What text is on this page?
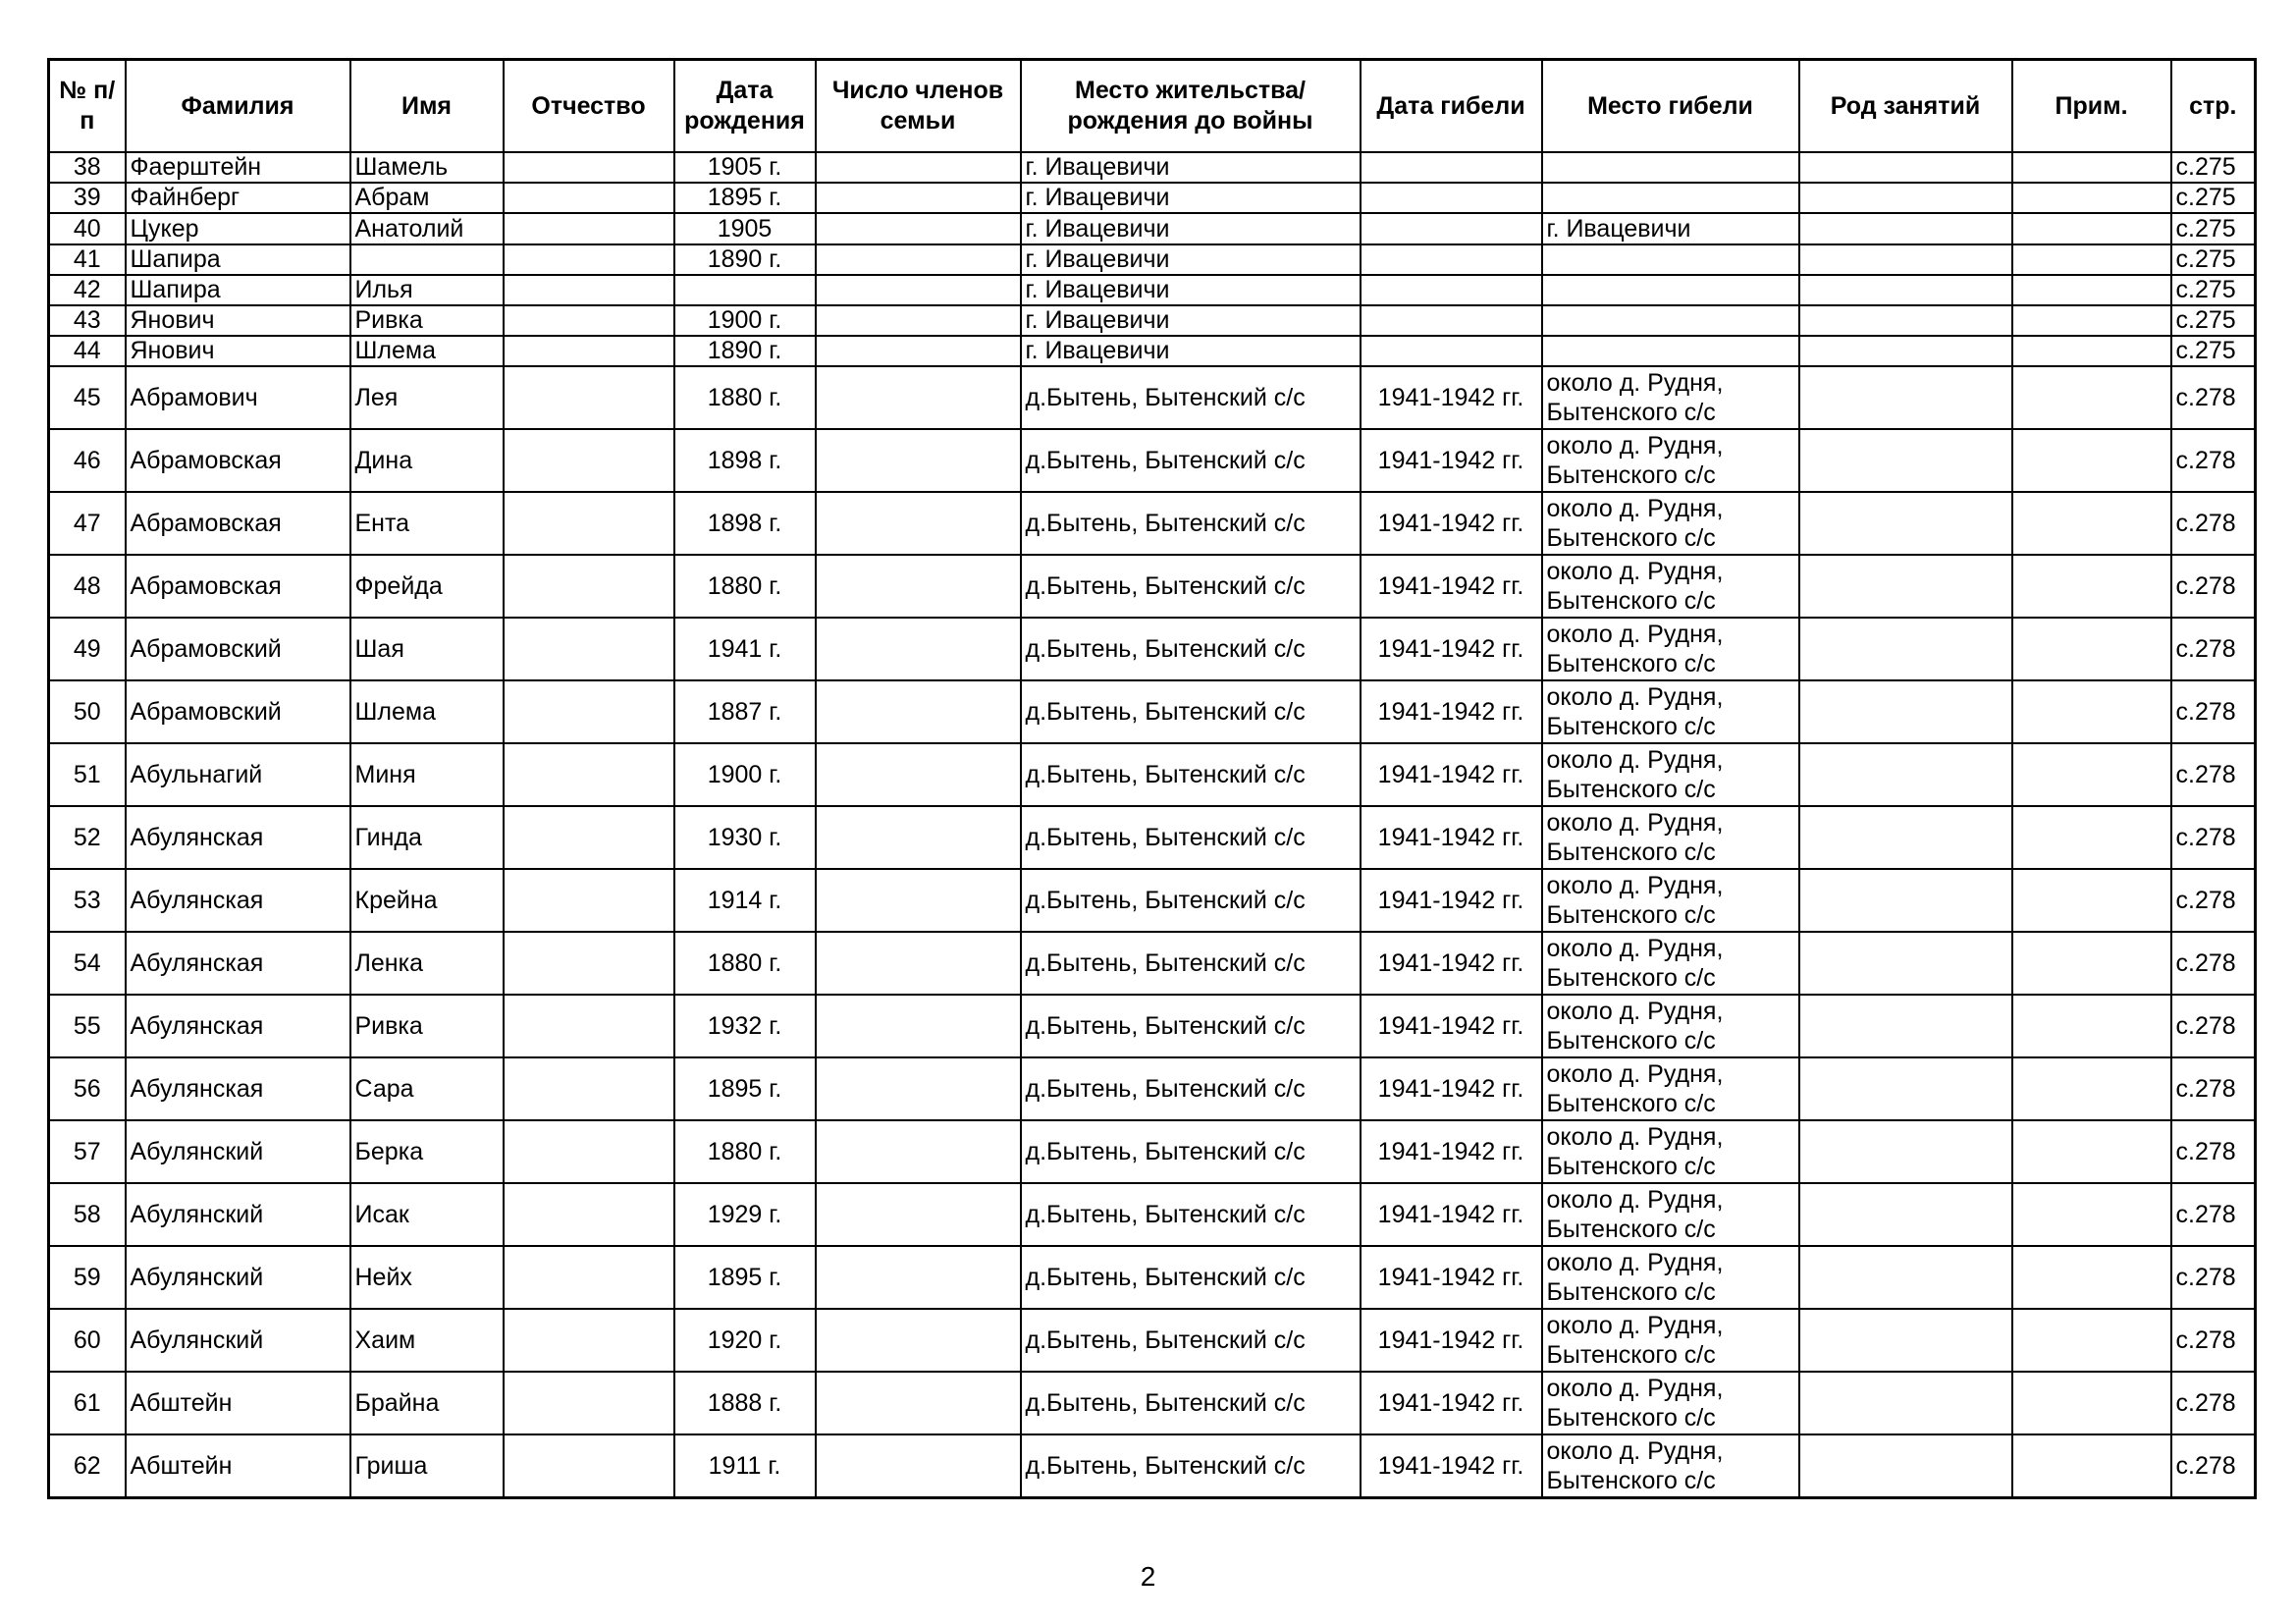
№ п/п	Фамилия	Имя	Отчество	Дата рождения	Число членов семьи	Место жительства/рождения до войны	Дата гибели	Место гибели	Род занятий	Прим.	стр.
38	Фаерштейн	Шамель		1905 г.		г. Ивацевичи					с.275
39	Файнберг	Абрам		1895 г.		г. Ивацевичи					с.275
40	Цукер	Анатолий		1905		г. Ивацевичи		г. Ивацевичи			с.275
41	Шапира			1890 г.		г. Ивацевичи					с.275
42	Шапира	Илья				г. Ивацевичи					с.275
43	Янович	Ривка		1900 г.		г. Ивацевичи					с.275
44	Янович	Шлема		1890 г.		г. Ивацевичи					с.275
45	Абрамович	Лея		1880 г.		д.Бытень, Бытенский с/с	1941-1942 гг.	около д. Рудня, Бытенского с/с			с.278
46	Абрамовская	Дина		1898 г.		д.Бытень, Бытенский с/с	1941-1942 гг.	около д. Рудня, Бытенского с/с			с.278
47	Абрамовская	Ента		1898 г.		д.Бытень, Бытенский с/с	1941-1942 гг.	около д. Рудня, Бытенского с/с			с.278
48	Абрамовская	Фрейда		1880 г.		д.Бытень, Бытенский с/с	1941-1942 гг.	около д. Рудня, Бытенского с/с			с.278
49	Абрамовский	Шая		1941 г.		д.Бытень, Бытенский с/с	1941-1942 гг.	около д. Рудня, Бытенского с/с			с.278
50	Абрамовский	Шлема		1887 г.		д.Бытень, Бытенский с/с	1941-1942 гг.	около д. Рудня, Бытенского с/с			с.278
51	Абульнагий	Миня		1900 г.		д.Бытень, Бытенский с/с	1941-1942 гг.	около д. Рудня, Бытенского с/с			с.278
52	Абулянская	Гинда		1930 г.		д.Бытень, Бытенский с/с	1941-1942 гг.	около д. Рудня, Бытенского с/с			с.278
53	Абулянская	Крейна		1914 г.		д.Бытень, Бытенский с/с	1941-1942 гг.	около д. Рудня, Бытенского с/с			с.278
54	Абулянская	Ленка		1880 г.		д.Бытень, Бытенский с/с	1941-1942 гг.	около д. Рудня, Бытенского с/с			с.278
55	Абулянская	Ривка		1932 г.		д.Бытень, Бытенский с/с	1941-1942 гг.	около д. Рудня, Бытенского с/с			с.278
56	Абулянская	Сара		1895 г.		д.Бытень, Бытенский с/с	1941-1942 гг.	около д. Рудня, Бытенского с/с			с.278
57	Абулянский	Берка		1880 г.		д.Бытень, Бытенский с/с	1941-1942 гг.	около д. Рудня, Бытенского с/с			с.278
58	Абулянский	Исак		1929 г.		д.Бытень, Бытенский с/с	1941-1942 гг.	около д. Рудня, Бытенского с/с			с.278
59	Абулянский	Нейх		1895 г.		д.Бытень, Бытенский с/с	1941-1942 гг.	около д. Рудня, Бытенского с/с			с.278
60	Абулянский	Хаим		1920 г.		д.Бытень, Бытенский с/с	1941-1942 гг.	около д. Рудня, Бытенского с/с			с.278
61	Абштейн	Брайна		1888 г.		д.Бытень, Бытенский с/с	1941-1942 гг.	около д. Рудня, Бытенского с/с			с.278
62	Абштейн	Гриша		1911 г.		д.Бытень, Бытенский с/с	1941-1942 гг.	около д. Рудня, Бытенского с/с			с.278
2
